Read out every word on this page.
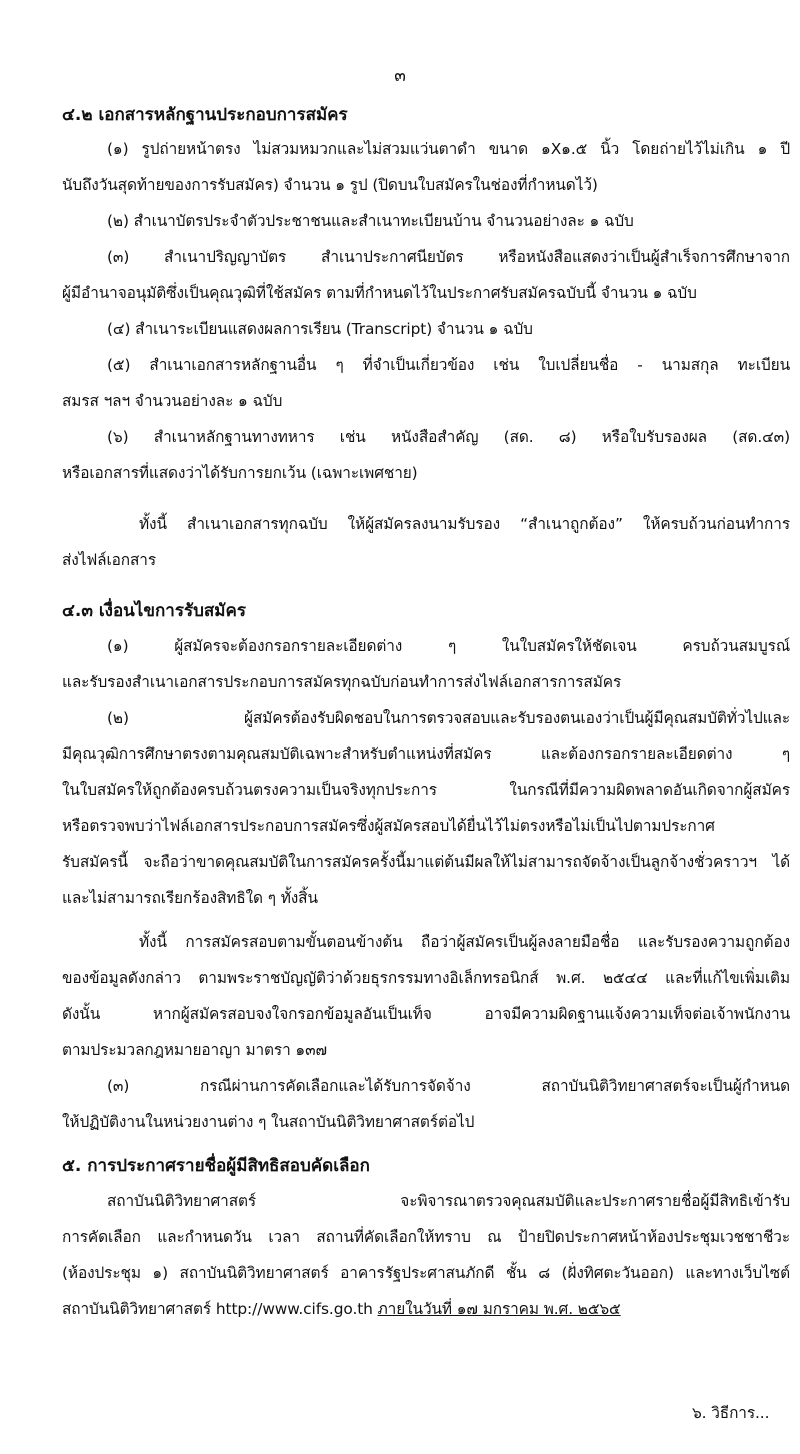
๓
๔.๒ เอกสารหลักฐานประกอบการสมัคร
(๑) รูปถ่ายหน้าตรง ไม่สวมหมวกและไม่สวมแว่นตาดำ ขนาด ๑X๑.๕ นิ้ว โดยถ่ายไว้ไม่เกิน ๑ ปี
นับถึงวันสุดท้ายของการรับสมัคร) จำนวน ๑ รูป (ปิดบนใบสมัครในช่องที่กำหนดไว้)
(๒) สำเนาบัตรประจำตัวประชาชนและสำเนาทะเบียนบ้าน จำนวนอย่างละ ๑ ฉบับ
(๓) สำเนาปริญญาบัตร สำเนาประกาศนียบัตร หรือหนังสือแสดงว่าเป็นผู้สำเร็จการศึกษาจาก
ผู้มีอำนาจอนุมัติซึ่งเป็นคุณวุฒิที่ใช้สมัคร ตามที่กำหนดไว้ในประกาศรับสมัครฉบับนี้ จำนวน ๑ ฉบับ
(๔) สำเนาระเบียนแสดงผลการเรียน (Transcript) จำนวน ๑ ฉบับ
(๕) สำเนาเอกสารหลักฐานอื่น ๆ ที่จำเป็นเกี่ยวข้อง เช่น ใบเปลี่ยนชื่อ - นามสกุล ทะเบียน
สมรส ฯลฯ จำนวนอย่างละ ๑ ฉบับ
(๖) สำเนาหลักฐานทางทหาร เช่น หนังสือสำคัญ (สด. ๘) หรือใบรับรองผล (สด.๔๓)
หรือเอกสารที่แสดงว่าได้รับการยกเว้น (เฉพาะเพศชาย)
ทั้งนี้ สำเนาเอกสารทุกฉบับ ให้ผู้สมัครลงนามรับรอง “สำเนาถูกต้อง” ให้ครบถ้วนก่อนทำการ
ส่งไฟล์เอกสาร
๔.๓ เงื่อนไขการรับสมัคร
(๑) ผู้สมัครจะต้องกรอกรายละเอียดต่าง ๆ ในใบสมัครให้ชัดเจน ครบถ้วนสมบูรณ์
และรับรองสำเนาเอกสารประกอบการสมัครทุกฉบับก่อนทำการส่งไฟล์เอกสารการสมัคร
(๒) ผู้สมัครต้องรับผิดชอบในการตรวจสอบและรับรองตนเองว่าเป็นผู้มีคุณสมบัติทั่วไปและ
มีคุณวุฒิการศึกษาตรงตามคุณสมบัติเฉพาะสำหรับตำแหน่งที่สมัคร และต้องกรอกรายละเอียดต่าง ๆ
ในใบสมัครให้ถูกต้องครบถ้วนตรงความเป็นจริงทุกประการ ในกรณีที่มีความผิดพลาดอันเกิดจากผู้สมัคร
หรือตรวจพบว่าไฟล์เอกสารประกอบการสมัครซึ่งผู้สมัครสอบได้ยื่นไว้ไม่ตรงหรือไม่เป็นไปตามประกาศ
รับสมัครนี้ จะถือว่าขาดคุณสมบัติในการสมัครครั้งนี้มาแต่ต้นมีผลให้ไม่สามารถจัดจ้างเป็นลูกจ้างชั่วคราวฯ ได้
และไม่สามารถเรียกร้องสิทธิใด ๆ ทั้งสิ้น
ทั้งนี้ การสมัครสอบตามขั้นตอนข้างต้น ถือว่าผู้สมัครเป็นผู้ลงลายมือชื่อ และรับรองความถูกต้อง
ของข้อมูลดังกล่าว ตามพระราชบัญญัติว่าด้วยธุรกรรมทางอิเล็กทรอนิกส์ พ.ศ. ๒๕๔๔ และที่แก้ไขเพิ่มเติม
ดังนั้น หากผู้สมัครสอบจงใจกรอกข้อมูลอันเป็นเท็จ อาจมีความผิดฐานแจ้งความเท็จต่อเจ้าพนักงาน
ตามประมวลกฎหมายอาญา มาตรา ๑๓๗
(๓) กรณีผ่านการคัดเลือกและได้รับการจัดจ้าง สถาบันนิติวิทยาศาสตร์จะเป็นผู้กำหนด
ให้ปฏิบัติงานในหน่วยงานต่าง ๆ ในสถาบันนิติวิทยาศาสตร์ต่อไป
๕. การประกาศรายชื่อผู้มีสิทธิสอบคัดเลือก
สถาบันนิติวิทยาศาสตร์ จะพิจารณาตรวจคุณสมบัติและประกาศรายชื่อผู้มีสิทธิเข้ารับ
การคัดเลือก และกำหนดวัน เวลา สถานที่คัดเลือกให้ทราบ ณ ป้ายปิดประกาศหน้าห้องประชุมเวชชาชีวะ
(ห้องประชุม ๑) สถาบันนิติวิทยาศาสตร์ อาคารรัฐประศาสนภักดี ชั้น ๘ (ฝั่งทิศตะวันออก) และทางเว็บไซต์
สถาบันนิติวิทยาศาสตร์ http://www.cifs.go.th ภายในวันที่ ๑๗ มกราคม พ.ศ. ๒๕๖๕
๖. วิธีการ...
